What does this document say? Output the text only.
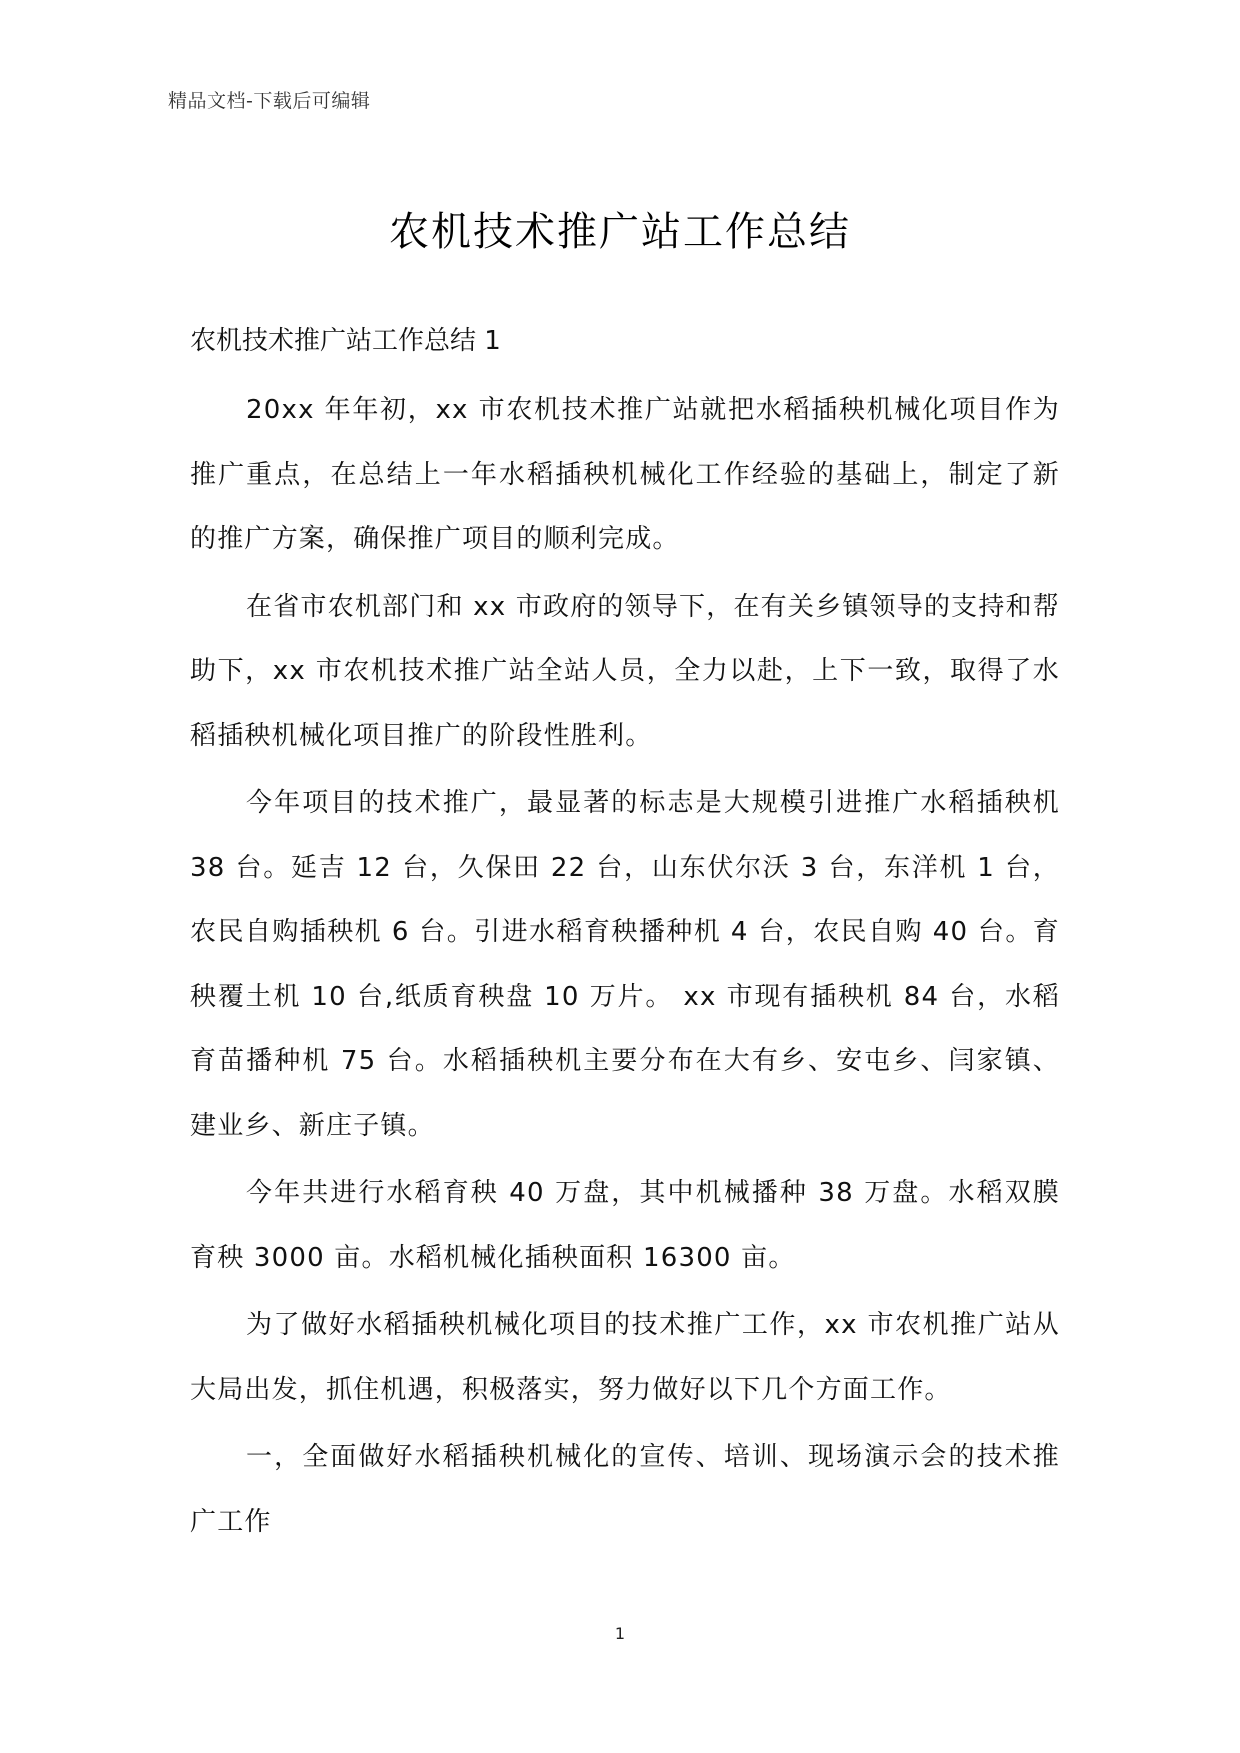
精品文档-下载后可编辑
农机技术推广站工作总结
农机技术推广站工作总结 1

20xx 年年初，xx 市农机技术推广站就把水稻插秧机械化项目作为推广重点，在总结上一年水稻插秧机械化工作经验的基础上，制定了新的推广方案，确保推广项目的顺利完成。

在省市农机部门和 xx 市政府的领导下，在有关乡镇领导的支持和帮助下，xx 市农机技术推广站全站人员，全力以赴，上下一致，取得了水稻插秧机械化项目推广的阶段性胜利。

今年项目的技术推广，最显著的标志是大规模引进推广水稻插秧机 38 台。延吉 12 台，久保田 22 台，山东伏尔沃 3 台，东洋机 1 台，农民自购插秧机 6 台。引进水稻育秧播种机 4 台，农民自购 40 台。育秧覆土机 10 台,纸质育秧盘 10 万片。 xx 市现有插秧机 84 台，水稻育苗播种机 75 台。水稻插秧机主要分布在大有乡、安屯乡、闫家镇、建业乡、新庄子镇。

今年共进行水稻育秧 40 万盘，其中机械播种 38 万盘。水稻双膜育秧 3000 亩。水稻机械化插秧面积 16300 亩。

为了做好水稻插秧机械化项目的技术推广工作，xx 市农机推广站从大局出发，抓住机遇，积极落实，努力做好以下几个方面工作。

一，全面做好水稻插秧机械化的宣传、培训、现场演示会的技术推广工作

1
